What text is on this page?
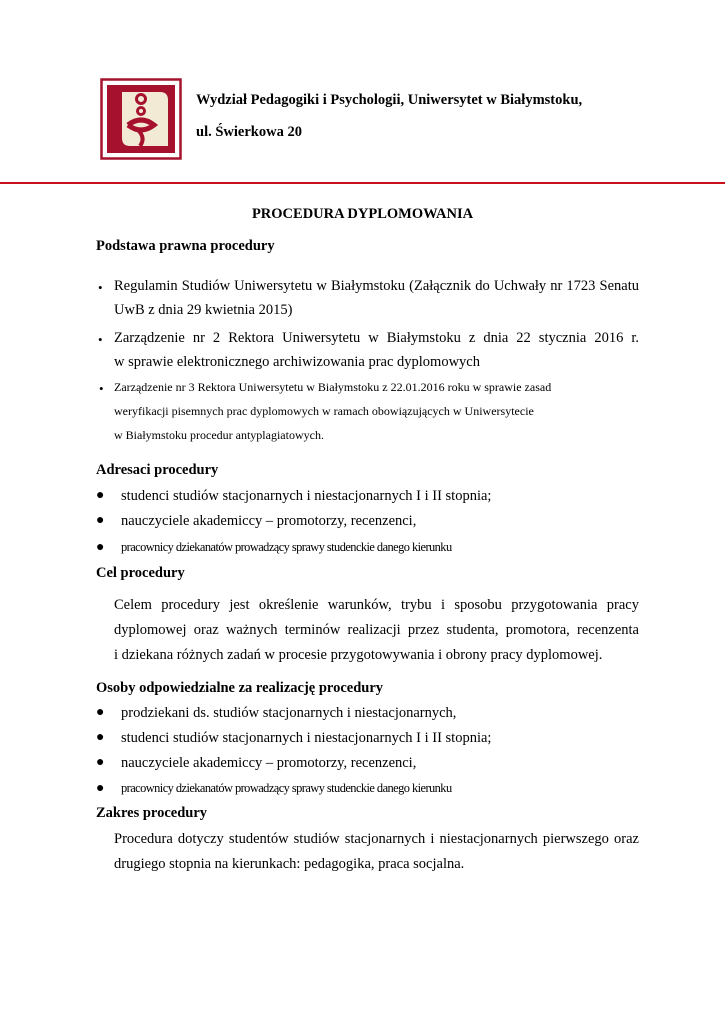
Wydział Pedagogiki i Psychologii, Uniwersytet w Białymstoku,
ul. Świerkowa 20
PROCEDURA DYPLOMOWANIA
Podstawa prawna procedury
• Regulamin Studiów Uniwersytetu w Białymstoku (Załącznik do Uchwały nr 1723 Senatu
UwB z dnia 29 kwietnia 2015)
• Zarządzenie nr 2 Rektora Uniwersytetu w Białymstoku z dnia 22 stycznia 2016 r.
w sprawie elektronicznego archiwizowania prac dyplomowych
• Zarządzenie nr 3 Rektora Uniwersytetu w Białymstoku z 22.01.2016 roku w sprawie zasad
weryfikacji pisemnych prac dyplomowych w ramach obowiązujących w Uniwersytecie
w Białymstoku procedur antyplagiatowych.
Adresaci procedury
● studenci studiów stacjonarnych i niestacjonarnych I i II stopnia;
● nauczyciele akademiccy – promotorzy, recenzenci,
● pracownicy dziekanatów prowadzący sprawy studenckie danego kierunku
Cel procedury
Celem procedury jest określenie warunków, trybu i sposobu przygotowania pracy
dyplomowej oraz ważnych terminów realizacji przez studenta, promotora, recenzenta
i dziekana różnych zadań w procesie przygotowywania i obrony pracy dyplomowej.
Osoby odpowiedzialne za realizację procedury
● prodziekani ds. studiów stacjonarnych i niestacjonarnych,
● studenci studiów stacjonarnych i niestacjonarnych I i II stopnia;
● nauczyciele akademiccy – promotorzy, recenzenci,
● pracownicy dziekanatów prowadzący sprawy studenckie danego kierunku
Zakres procedury
Procedura dotyczy studentów studiów stacjonarnych i niestacjonarnych pierwszego oraz
drugiego stopnia na kierunkach: pedagogika, praca socjalna.
